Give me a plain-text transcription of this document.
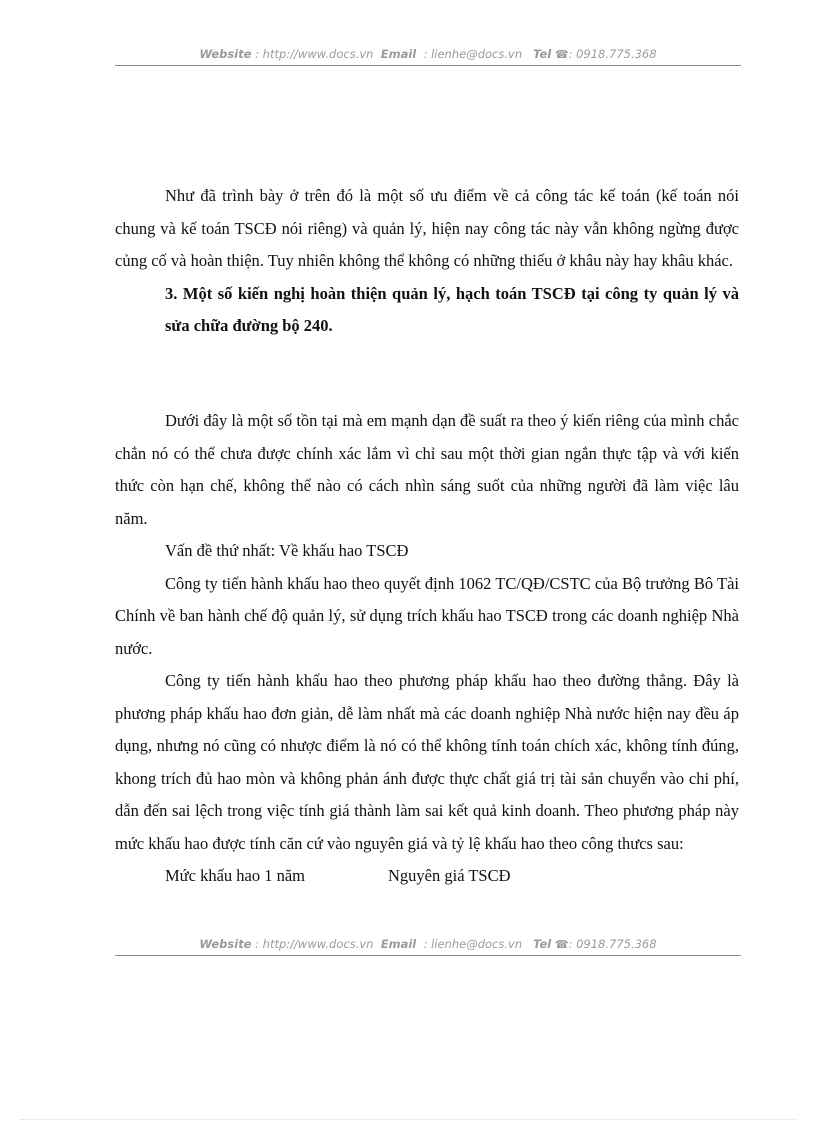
Website : http://www.docs.vn Email : lienhe@docs.vn Tel ☎: 0918.775.368

Như đã trình bày ở trên đó là một số ưu điểm về cả công tác kế toán (kế toán nói chung và kế toán TSCĐ nói riêng) và quản lý, hiện nay công tác này vẫn không ngừng được củng cố và hoàn thiện. Tuy nhiên không thể không có những thiếu ở khâu này hay khâu khác.

3. Một số kiến nghị hoàn thiện quản lý, hạch toán TSCĐ tại công ty quản lý và sửa chữa đường bộ 240.

Dưới đây là một số tồn tại mà em mạnh dạn đề suất ra theo ý kiến riêng của mình chắc chắn nó có thể chưa được chính xác lắm vì chỉ sau một thời gian ngắn thực tập và với kiến thức còn hạn chế, không thể nào có cách nhìn sáng suốt của những người đã làm việc lâu năm.

Vấn đề thứ nhất: Về khấu hao TSCĐ

Công ty tiến hành khấu hao theo quyết định 1062 TC/QĐ/CSTC của Bộ trưởng Bô Tài Chính về ban hành chế độ quản lý, sử dụng trích khấu hao TSCĐ trong các doanh nghiệp Nhà nước.

Công ty tiến hành khấu hao theo phương pháp khấu hao theo đường thẳng. Đây là phương pháp khấu hao đơn giản, dễ làm nhất mà các doanh nghiệp Nhà nước hiện nay đều áp dụng, nhưng nó cũng có nhược điểm là nó có thể không tính toán chích xác, không tính đúng, khong trích đủ hao mòn và không phản ánh được thực chất giá trị tài sản chuyển vào chi phí, dẫn đến sai lệch trong việc tính giá thành làm sai kết quả kinh doanh. Theo phương pháp này mức khấu hao được tính căn cứ vào nguyên giá và tỷ lệ khấu hao theo công thưcs sau:

Mức khấu hao 1 năm	Nguyên giá TSCĐ

Website : http://www.docs.vn Email : lienhe@docs.vn Tel ☎: 0918.775.368
